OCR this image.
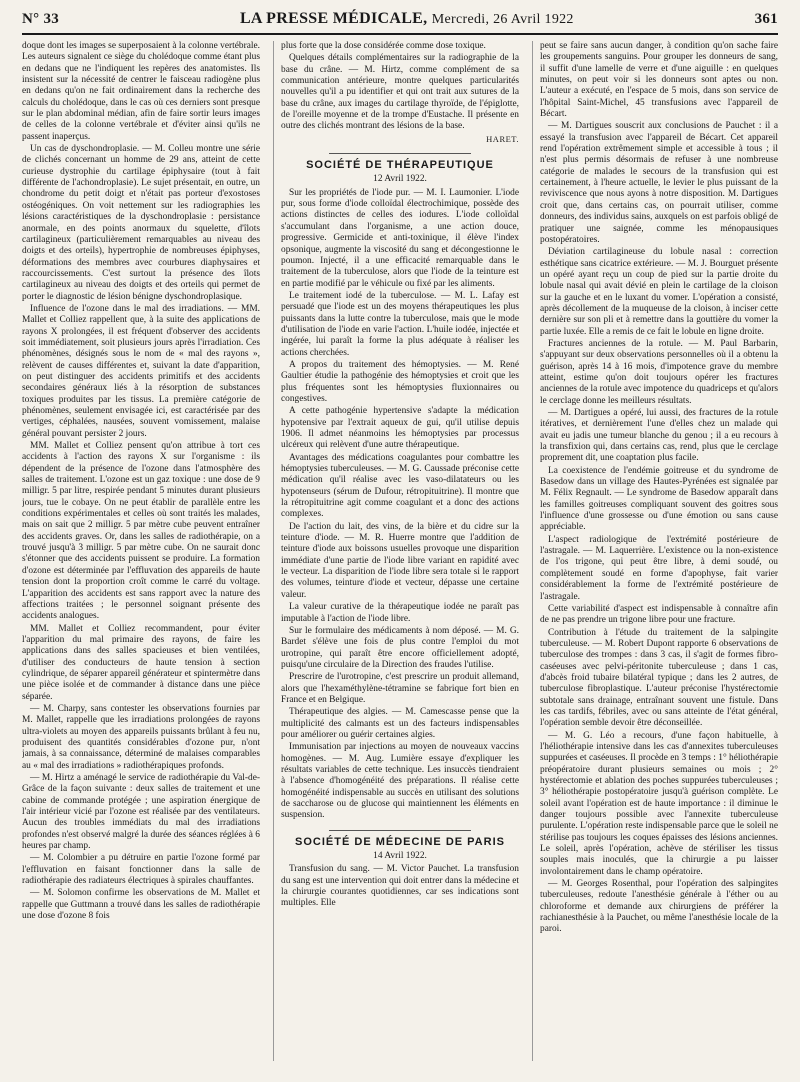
N° 33	LA PRESSE MÉDICALE, Mercredi, 26 Avril 1922	361

doque dont les images se superposaient à la colonne vertébrale. Les auteurs signalent ce siège du cholédoque comme étant plus en dedans que ne l'indiquent les repères des anatomistes. Ils insistent sur la nécessité de centrer le faisceau radiogène plus en dedans qu'on ne fait ordinairement dans la recherche des calculs du cholédoque, dans le cas où ces derniers sont presque sur le plan abdominal médian, afin de faire sortir leurs images de celles de la colonne vertébrale et d'éviter ainsi qu'ils ne passent inaperçus.

Un cas de dyschondroplasie. — M. Colleu montre une série de clichés concernant un homme de 29 ans, atteint de cette curieuse dystrophie du cartilage épiphysaire (tout à fait différente de l'achondroplasie). Le sujet présentait, en outre, un chondrome du petit doigt et n'était pas porteur d'exostoses ostéogéniques. On voit nettement sur les radiographies les lésions caractéristiques de la dyschondroplasie : persistance anormale, en des points anormaux du squelette, d'îlots cartilagineux (particulièrement remarquables au niveau des doigts et des orteils), hypertrophie de nombreuses épiphyses, déformations des membres avec courbures diaphysaires et raccourcissements. C'est surtout la présence des îlots cartilagineux au niveau des doigts et des orteils qui permet de porter le diagnostic de lésion bénigne dyschondroplasique.

Influence de l'ozone dans le mal des irradiations. — MM. Mallet et Colliez rappellent que, à la suite des applications de rayons X prolongées, il est fréquent d'observer des accidents soit immédiatement, soit plusieurs jours après l'irradiation. Ces phénomènes, désignés sous le nom de « mal des rayons », relèvent de causes différentes et, suivant la date d'apparition, on peut distinguer des accidents primitifs et des accidents secondaires généraux liés à la résorption de substances toxiques produites par les tissus. La première catégorie de phénomènes, seulement envisagée ici, est caractérisée par des vertiges, céphalées, nausées, souvent vomissement, malaise général pouvant persister 2 jours.

MM. Mallet et Colliez pensent qu'on attribue à tort ces accidents à l'action des rayons X sur l'organisme : ils dépendent de la présence de l'ozone dans l'atmosphère des salles de traitement. L'ozone est un gaz toxique : une dose de 9 milligr. 5 par litre, respirée pendant 5 minutes durant plusieurs jours, tue le cobaye. On ne peut établir de parallèle entre les conditions expérimentales et celles où sont traités les malades, mais on sait que 2 milligr. 5 par mètre cube peuvent entraîner des accidents graves. Or, dans les salles de radiothérapie, on a trouvé jusqu'à 3 milligr. 5 par mètre cube. On ne saurait donc s'étonner que des accidents puissent se produire. La formation d'ozone est déterminée par l'effluvation des appareils de haute tension dont la proportion croît comme le carré du voltage. L'apparition des accidents est sans rapport avec la nature des affections traitées ; le personnel soignant présente des accidents analogues.

MM. Mallet et Colliez recommandent, pour éviter l'apparition du mal primaire des rayons, de faire les applications dans des salles spacieuses et bien ventilées, d'utiliser des conducteurs de haute tension à section cylindrique, de séparer appareil générateur et spintermètre dans une pièce isolée et de commander à distance dans une pièce séparée.

— M. Charpy, sans contester les observations fournies par M. Mallet, rappelle que les irradiations prolongées de rayons ultra-violets au moyen des appareils puissants brûlant à feu nu, produisent des quantités considérables d'ozone pur, n'ont jamais, à sa connaissance, déterminé de malaises comparables au « mal des irradiations » radiothérapiques profonds.

— M. Hirtz a aménagé le service de radiothérapie du Val-de-Grâce de la façon suivante : deux salles de traitement et une cabine de commande protégée ; une aspiration énergique de l'air intérieur vicié par l'ozone est réalisée par des ventilateurs. Aucun des troubles immédiats du mal des irradiations profondes n'est observé malgré la durée des séances réglées à 6 heures par champ.

— M. Colombier a pu détruire en partie l'ozone formé par l'effluvation en faisant fonctionner dans la salle de radiothérapie des radiateurs électriques à spirales chauffantes.

— M. Solomon confirme les observations de M. Mallet et rappelle que Guttmann a trouvé dans les salles de radiothérapie une dose d'ozone 8 fois

plus forte que la dose considérée comme dose toxique.

Quelques détails complémentaires sur la radiographie de la base du crâne. — M. Hirtz, comme complément de sa communication antérieure, montre quelques particularités nouvelles qu'il a pu identifier et qui ont trait aux sutures de la base du crâne, aux images du cartilage thyroïde, de l'épiglotte, de l'oreille moyenne et de la trompe d'Eustache. Il présente en outre des clichés montrant des lésions de la base.

HARET.
SOCIÉTÉ DE THÉRAPEUTIQUE
12 Avril 1922.

Sur les propriétés de l'iode pur. — M. I. Laumonier. L'iode pur, sous forme d'iode colloïdal électrochimique, possède des actions distinctes de celles des iodures. L'iode colloïdal s'accumulant dans l'organisme, a une action douce, progressive. Germicide et anti-toxinique, il élève l'index opsonique, augmente la viscosité du sang et décongestionne le poumon. Injecté, il a une efficacité remarquable dans le traitement de la tuberculose, alors que l'iode de la teinture est en partie modifié par le véhicule ou fixé par les aliments.

Le traitement iodé de la tuberculose. — M. L. Lafay est persuadé que l'iode est un des moyens thérapeutiques les plus puissants dans la lutte contre la tuberculose, mais que le mode d'utilisation de l'iode en varie l'action. L'huile iodée, injectée et ingérée, lui paraît la forme la plus adéquate à réaliser les actions cherchées.

A propos du traitement des hémoptysies. — M. René Gaultier étudie la pathogénie des hémoptysies et croit que les plus fréquentes sont les hémoptysies fluxionnaires ou congestives.

A cette pathogénie hypertensive s'adapte la médication hypotensive par l'extrait aqueux de gui, qu'il utilise depuis 1906. Il admet néanmoins les hémoptysies par processus ulcéreux qui relèvent d'une autre thérapeutique.

Avantages des médications coagulantes pour combattre les hémoptysies tuberculeuses. — M. G. Caussade préconise cette médication qu'il réalise avec les vaso-dilatateurs ou les hypotenseurs (sérum de Dufour, rétropituitrine). Il montre que la rétropituitrine agit comme coagulant et a donc des actions complexes.

De l'action du lait, des vins, de la bière et du cidre sur la teinture d'iode. — M. R. Huerre montre que l'addition de teinture d'iode aux boissons usuelles provoque une disparition immédiate d'une partie de l'iode libre variant en rapidité avec le vecteur. La disparition de l'iode libre sera totale si le rapport des volumes, teinture d'iode et vecteur, dépasse une certaine valeur.

La valeur curative de la thérapeutique iodée ne paraît pas imputable à l'action de l'iode libre.

Sur le formulaire des médicaments à nom déposé. — M. G. Bardet s'élève une fois de plus contre l'emploi du mot urotropine, qui paraît être encore officiellement adopté, puisqu'une circulaire de la Direction des fraudes l'utilise.

Prescrire de l'urotropine, c'est prescrire un produit allemand, alors que l'hexaméthylène-tétramine se fabrique fort bien en France et en Belgique.

Thérapeutique des algies. — M. Camescasse pense que la multiplicité des calmants est un des facteurs indispensables pour améliorer ou guérir certaines algies.

Immunisation par injections au moyen de nouveaux vaccins homogènes. — M. Aug. Lumière essaye d'expliquer les résultats variables de cette technique. Les insuccès tiendraient à l'absence d'homogénéité des préparations. Il réalise cette homogénéité indispensable au succès en utilisant des solutions de saccharose ou de glucose qui maintiennent les éléments en suspension.

SOCIÉTÉ DE MÉDECINE DE PARIS
14 Avril 1922.

Transfusion du sang. — M. Victor Pauchet. La transfusion du sang est une intervention qui doit entrer dans la médecine et la chirurgie courantes quotidiennes, car ses indications sont multiples. Elle

peut se faire sans aucun danger, à condition qu'on sache faire les groupements sanguins. Pour grouper les donneurs de sang, il suffit d'une lamelle de verre et d'une aiguille : en quelques minutes, on peut voir si les donneurs sont aptes ou non. L'auteur a exécuté, en l'espace de 5 mois, dans son service de l'hôpital Saint-Michel, 45 transfusions avec l'appareil de Bécart.

— M. Dartigues souscrit aux conclusions de Pauchet : il a essayé la transfusion avec l'appareil de Bécart. Cet appareil rend l'opération extrêmement simple et accessible à tous ; il n'est plus permis désormais de refuser à une nombreuse catégorie de malades le secours de la transfusion qui est certainement, à l'heure actuelle, le levier le plus puissant de la reviviscence que nous ayons à notre disposition. M. Dartigues croit que, dans certains cas, on pourrait utiliser, comme donneurs, des individus sains, auxquels on est parfois obligé de pratiquer une saignée, comme les ménopausiques postopératoires.

Déviation cartilagineuse du lobule nasal : correction esthétique sans cicatrice extérieure. — M. J. Bourguet présente un opéré ayant reçu un coup de pied sur la partie droite du lobule nasal qui avait dévié en plein le cartilage de la cloison sur la gauche et en le luxant du vomer. L'opération a consisté, après décollement de la muqueuse de la cloison, à inciser cette dernière sur son pli et à remettre dans la gouttière du vomer la partie luxée. Elle a remis de ce fait le lobule en ligne droite.

Fractures anciennes de la rotule. — M. Paul Barbarin, s'appuyant sur deux observations personnelles où il a obtenu la guérison, après 14 à 16 mois, d'impotence grave du membre atteint, estime qu'on doit toujours opérer les fractures anciennes de la rotule avec impotence du quadriceps et qu'alors le cerclage donne les meilleurs résultats.

— M. Dartigues a opéré, lui aussi, des fractures de la rotule itératives, et dernièrement l'une d'elles chez un malade qui avait eu jadis une tumeur blanche du genou ; il a eu recours à la transfixion qui, dans certains cas, rend, plus que le cerclage proprement dit, une coaptation plus facile.

La coexistence de l'endémie goitreuse et du syndrome de Basedow dans un village des Hautes-Pyrénées est signalée par M. Félix Regnault. — Le syndrome de Basedow apparaît dans les familles goitreuses compliquant souvent des goitres sous l'influence d'une grossesse ou d'une émotion ou sans cause appréciable.

L'aspect radiologique de l'extrémité postérieure de l'astragale. — M. Laquerrière. L'existence ou la non-existence de l'os trigone, qui peut être libre, à demi soudé, ou complètement soudé en forme d'apophyse, fait varier considérablement la forme de l'extrémité postérieure de l'astragale.

Cette variabilité d'aspect est indispensable à connaître afin de ne pas prendre un trigone libre pour une fracture.

Contribution à l'étude du traitement de la salpingite tuberculeuse. — M. Robert Dupont rapporte 6 observations de tuberculose des trompes : dans 3 cas, il s'agit de formes fibro-caséeuses avec pelvi-péritonite tuberculeuse ; dans 1 cas, d'abcès froid tubaire bilatéral typique ; dans les 2 autres, de tuberculose fibroplastique. L'auteur préconise l'hystérectomie subtotale sans drainage, entraînant souvent une fistule. Dans les cas tardifs, fébriles, avec ou sans atteinte de l'état général, l'opération semble devoir être déconseillée.

— M. G. Léo a recours, d'une façon habituelle, à l'héliothérapie intensive dans les cas d'annexites tuberculeuses suppurées et caséeuses. Il procède en 3 temps : 1° héliothérapie préopératoire durant plusieurs semaines ou mois ; 2° hystérectomie et ablation des poches suppurées tuberculeuses ; 3° héliothérapie postopératoire jusqu'à guérison complète. Le soleil avant l'opération est de haute importance : il diminue le danger toujours possible avec l'annexite tuberculeuse purulente. L'opération reste indispensable parce que le soleil ne stérilise pas toujours les coques épaisses des lésions anciennes. Le soleil, après l'opération, achève de stériliser les tissus souples mais inoculés, que la chirurgie a pu laisser involontairement dans le champ opératoire.

— M. Georges Rosenthal, pour l'opération des salpingites tuberculeuses, redoute l'anesthésie générale à l'éther ou au chloroforme et demande aux chirurgiens de préférer la rachianesthésie à la Pauchet, ou même l'anesthésie locale de la paroi.
